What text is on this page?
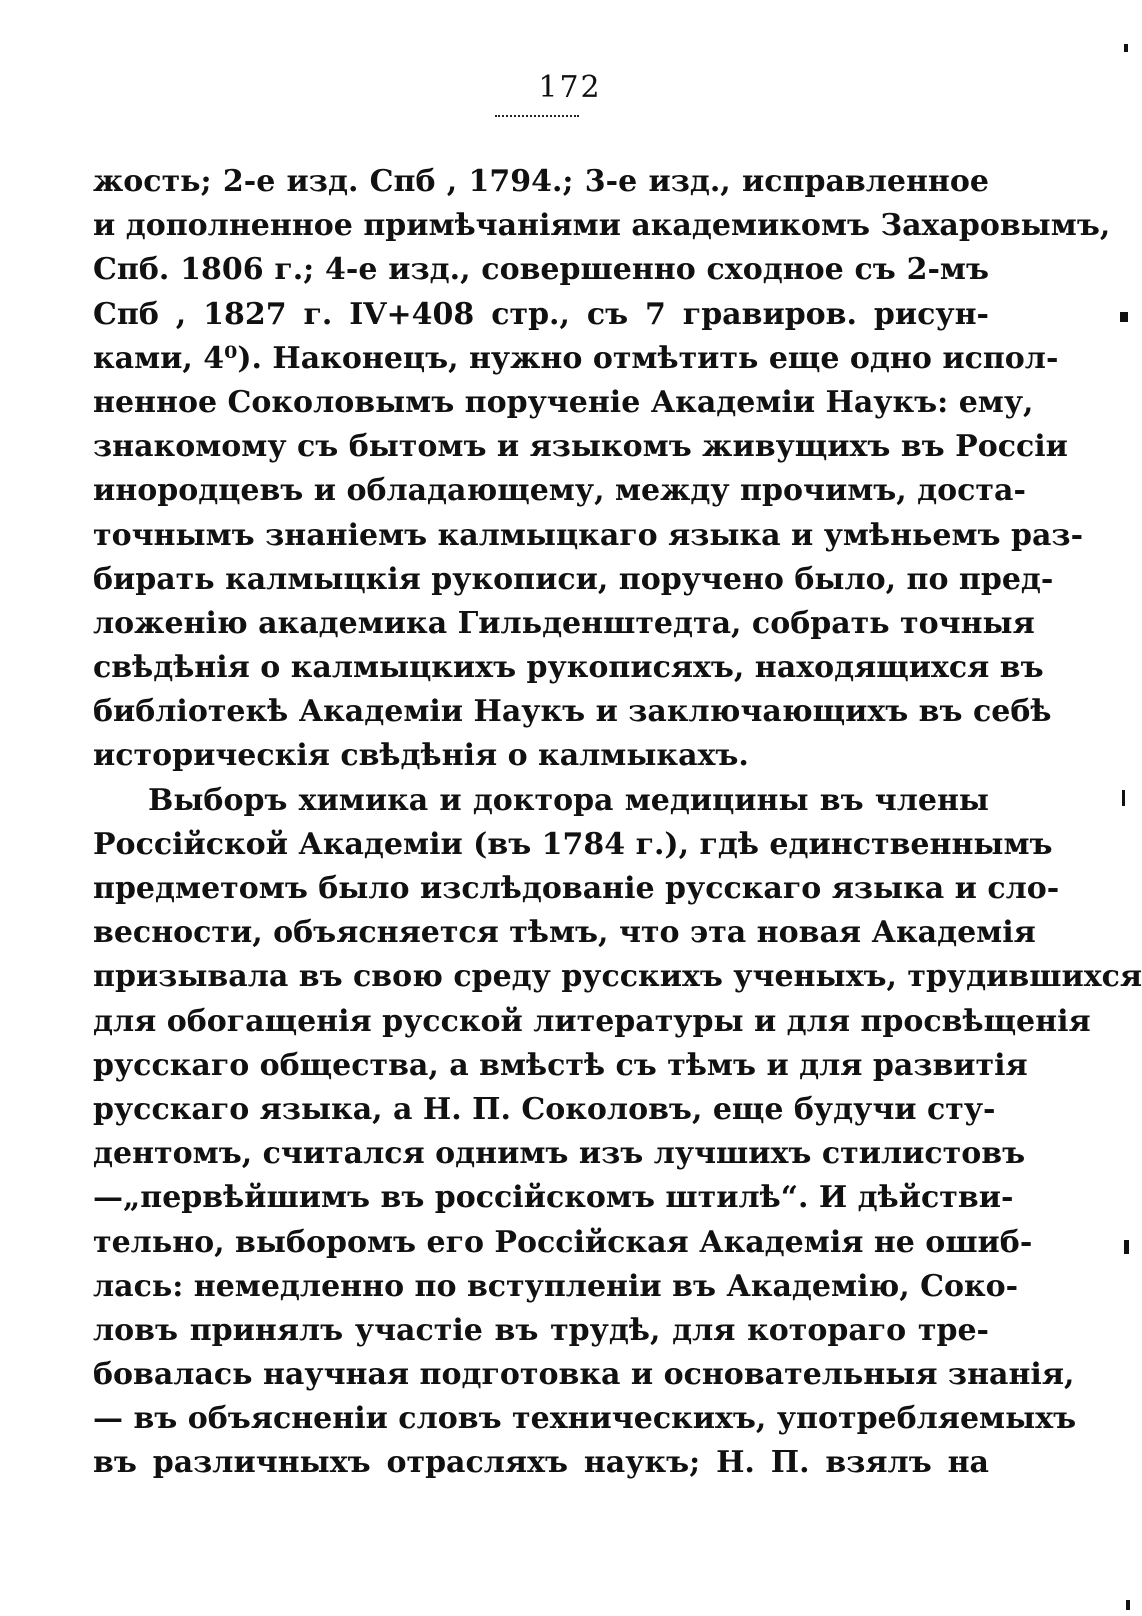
172
жость; 2-е изд. Спб , 1794.; 3-е изд., исправленное
и дополненное примѣчаніями академикомъ Захаровымъ,
Спб. 1806 г.; 4-е изд., совершенно сходное съ 2-мъ
Спб , 1827 г. IV+408 стр., съ 7 гравиров. рисун-
ками, 4⁰). Наконецъ, нужно отмѣтить еще одно испол-
ненное Соколовымъ порученіе Академіи Наукъ: ему,
знакомому съ бытомъ и языкомъ живущихъ въ Россіи
инородцевъ и обладающему, между прочимъ, доста-
точнымъ знаніемъ калмыцкаго языка и умѣньемъ раз-
бирать калмыцкія рукописи, поручено было, по пред-
ложенію академика Гильденштедта, собрать точныя
свѣдѣнія о калмыцкихъ рукописяхъ, находящихся въ
библіотекѣ Академіи Наукъ и заключающихъ въ себѣ
историческія свѣдѣнія о калмыкахъ.
Выборъ химика и доктора медицины въ члены
Россійской Академіи (въ 1784 г.), гдѣ единственнымъ
предметомъ было изслѣдованіе русскаго языка и сло-
весности, объясняется тѣмъ, что эта новая Академія
призывала въ свою среду русскихъ ученыхъ, трудившихся
для обогащенія русской литературы и для просвѣщенія
русскаго общества, а вмѣстѣ съ тѣмъ и для развитія
русскаго языка, а Н. П. Соколовъ, еще будучи сту-
дентомъ, считался однимъ изъ лучшихъ стилистовъ
—„первѣйшимъ въ россійскомъ штилѣ“. И дѣйстви-
тельно, выборомъ его Россійская Академія не ошиб-
лась: немедленно по вступленіи въ Академію, Соко-
ловъ принялъ участіе въ трудѣ, для котораго тре-
бовалась научная подготовка и основательныя знанія,
— въ объясненіи словъ техническихъ, употребляемыхъ
въ различныхъ отрасляхъ наукъ; Н. П. взялъ на
